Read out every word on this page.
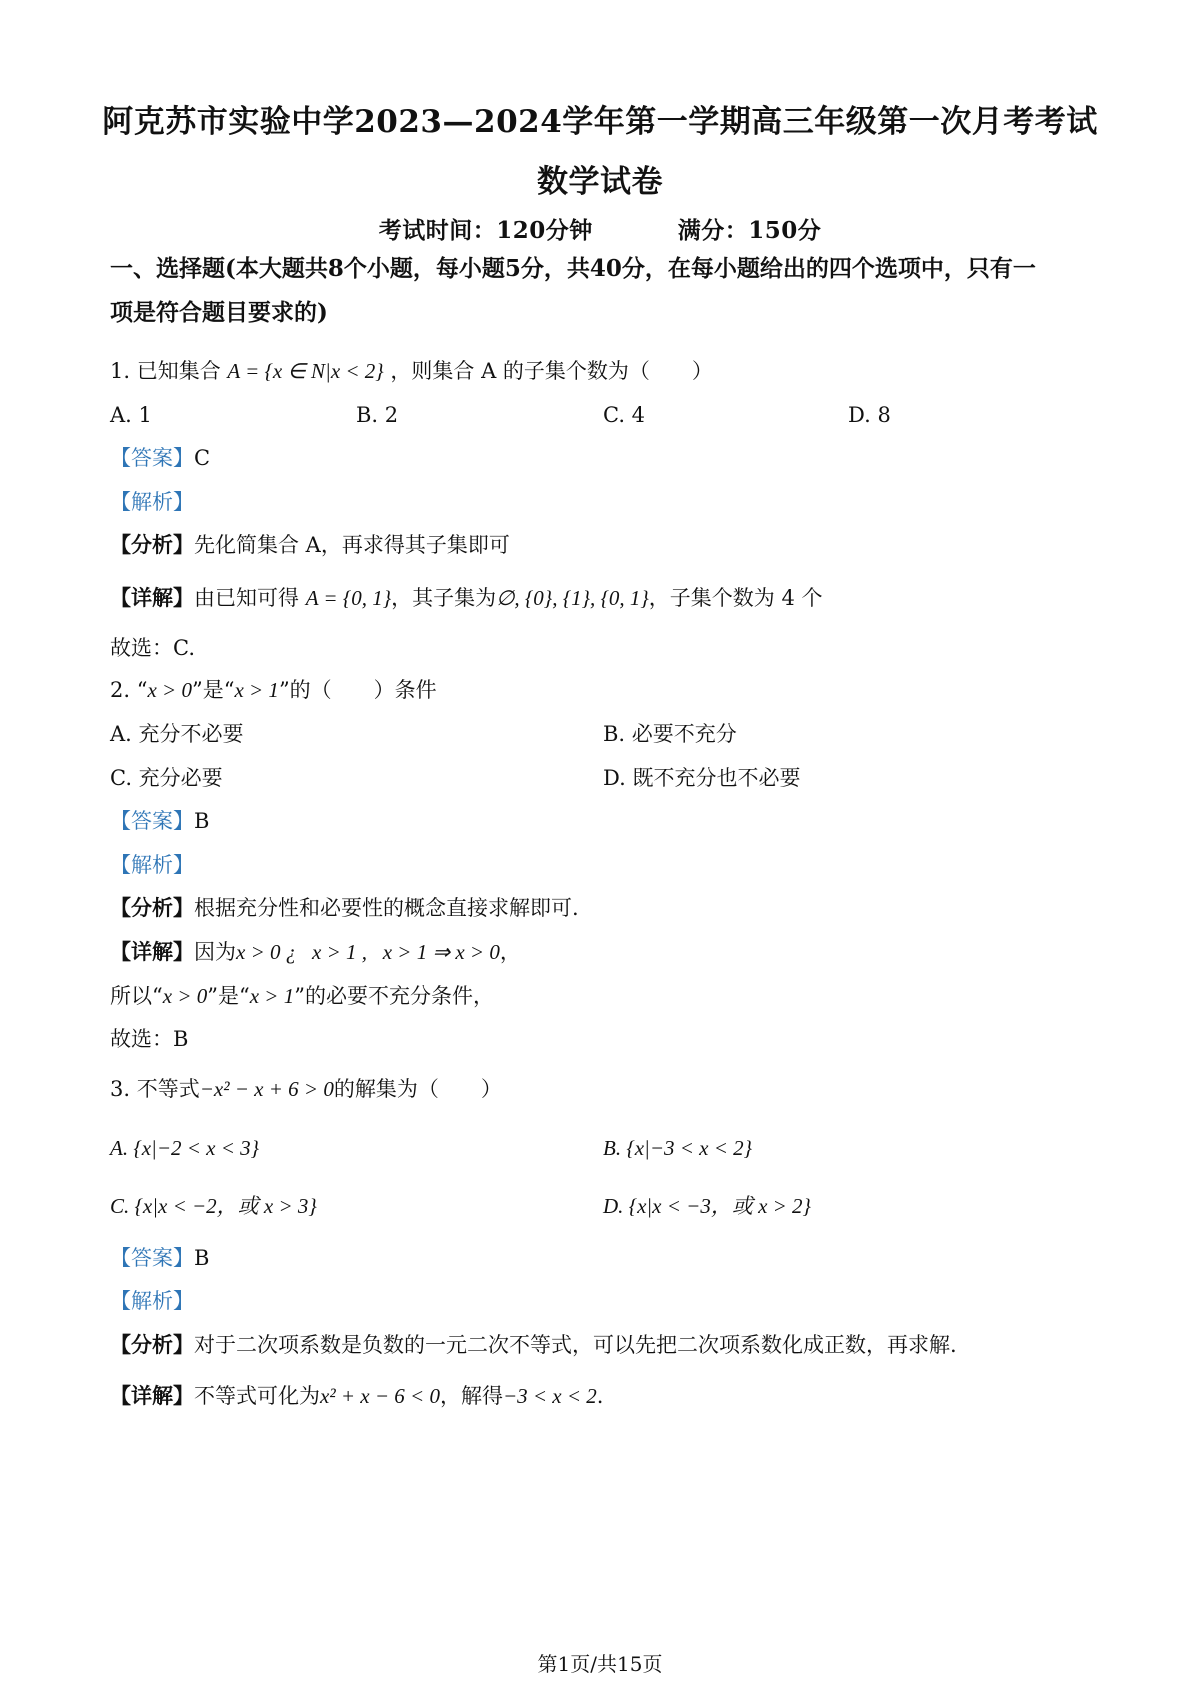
阿克苏市实验中学2023—2024学年第一学期高三年级第一次月考考试
数学试卷
考试时间：120分钟          满分：150分
一、选择题(本大题共8个小题，每小题5分，共40分，在每小题给出的四个选项中，只有一
项是符合题目要求的)
1. 已知集合 A = {x ∈ N|x < 2} ，则集合 A 的子集个数为（　　）
A. 1	B. 2	C. 4	D. 8
【答案】C
【解析】
【分析】先化简集合 A，再求得其子集即可
【详解】由已知可得 A = {0, 1}，其子集为∅, {0}, {1}, {0, 1}，子集个数为 4 个
故选：C.
2. “x > 0”是“x > 1”的（　　）条件
A. 充分不必要	B. 必要不充分
C. 充分必要	D. 既不充分也不必要
【答案】B
【解析】
【分析】根据充分性和必要性的概念直接求解即可.
【详解】因为x > 0 ¿   x > 1 ,   x > 1 ⇒ x > 0，
所以“x > 0”是“x > 1”的必要不充分条件，
故选：B
3. 不等式−x² − x + 6 > 0的解集为（　　）
A. {x|−2 < x < 3}	B. {x|−3 < x < 2}
C. {x|x < −2，或 x > 3}	D. {x|x < −3，或 x > 2}
【答案】B
【解析】
【分析】对于二次项系数是负数的一元二次不等式，可以先把二次项系数化成正数，再求解.
【详解】不等式可化为x² + x − 6 < 0，解得−3 < x < 2.
第1页/共15页
